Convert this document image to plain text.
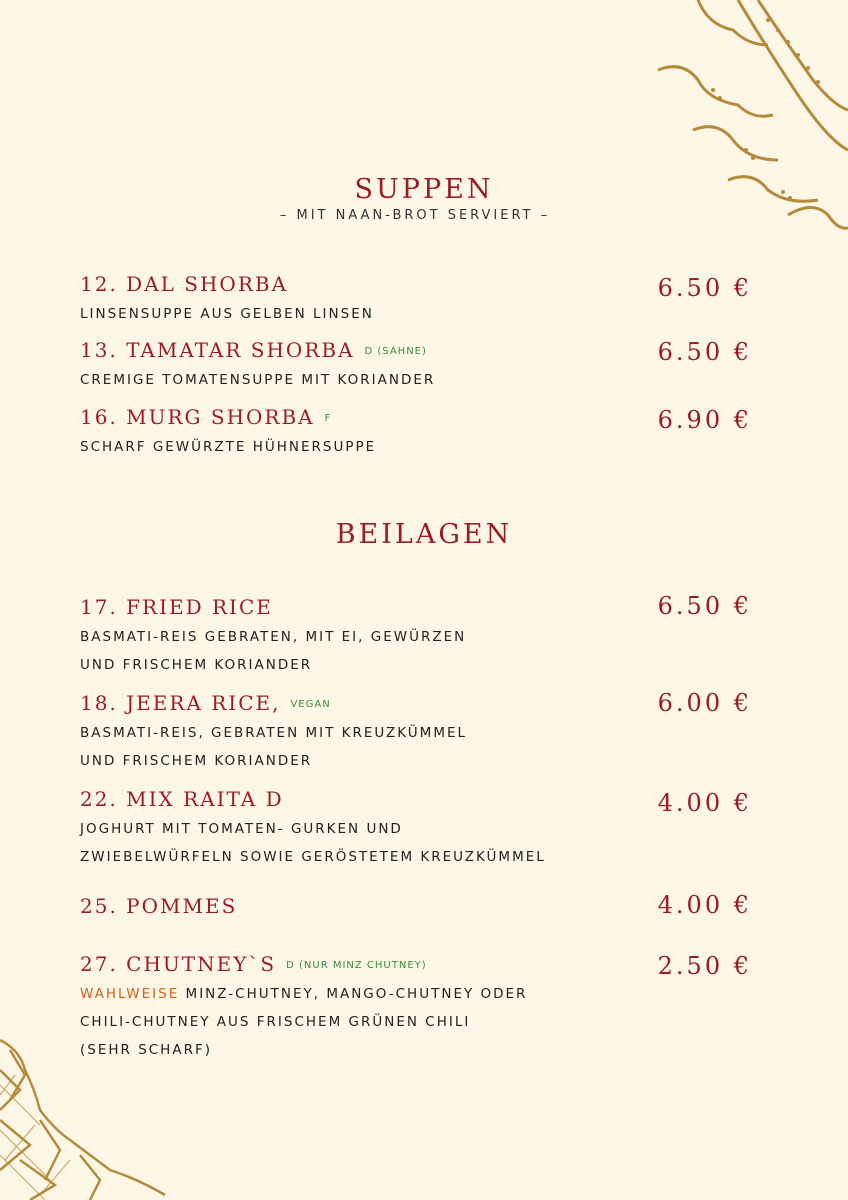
SUPPEN
– MIT NAAN-BROT SERVIERT –
12. DAL SHORBA
LINSENSUPPE AUS GELBEN LINSEN
6.50 €
13. TAMATAR SHORBA D (SAHNE)
CREMIGE TOMATENSUPPE MIT KORIANDER
6.50 €
16. MURG SHORBA F
SCHARF GEWÜRZTE HÜHNERSUPPE
6.90 €
BEILAGEN
17. FRIED RICE
BASMATI-REIS GEBRATEN, MIT EI, GEWÜRZEN
UND FRISCHEM KORIANDER
6.50 €
18. JEERA RICE, VEGAN
BASMATI-REIS, GEBRATEN MIT KREUZKÜMMEL
UND FRISCHEM KORIANDER
6.00 €
22. MIX RAITA D
JOGHURT MIT TOMATEN- GURKEN UND
ZWIEBELWÜRFELN SOWIE GERÖSTETEM KREUZKÜMMEL
4.00 €
25. POMMES	4.00 €
27. CHUTNEY`S D (NUR MINZ CHUTNEY)
WAHLWEISE MINZ-CHUTNEY, MANGO-CHUTNEY ODER
CHILI-CHUTNEY AUS FRISCHEM GRÜNEN CHILI
(SEHR SCHARF)
2.50 €
